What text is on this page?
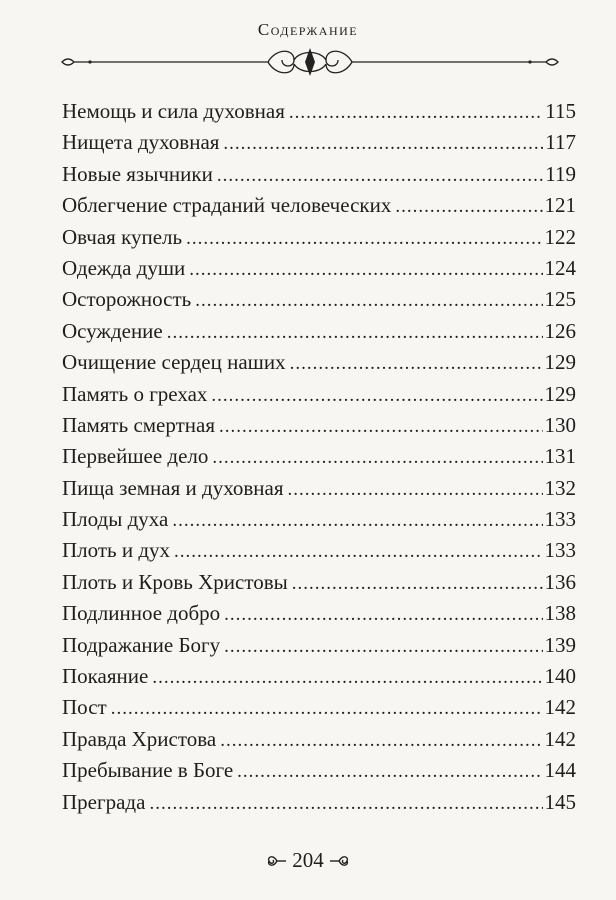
Содержание
Немощь и сила духовная .....	115
Нищета духовная .....	117
Новые язычники .....	119
Облегчение страданий человеческих .....	121
Овчая купель .....	122
Одежда души .....	124
Осторожность .....	125
Осуждение .....	126
Очищение сердец наших .....	129
Память о грехах .....	129
Память смертная .....	130
Первейшее дело .....	131
Пища земная и духовная .....	132
Плоды духа .....	133
Плоть и дух .....	133
Плоть и Кровь Христовы .....	136
Подлинное добро .....	138
Подражание Богу .....	139
Покаяние .....	140
Пост .....	142
Правда Христова .....	142
Пребывание в Боге .....	144
Преграда .....	145
204
